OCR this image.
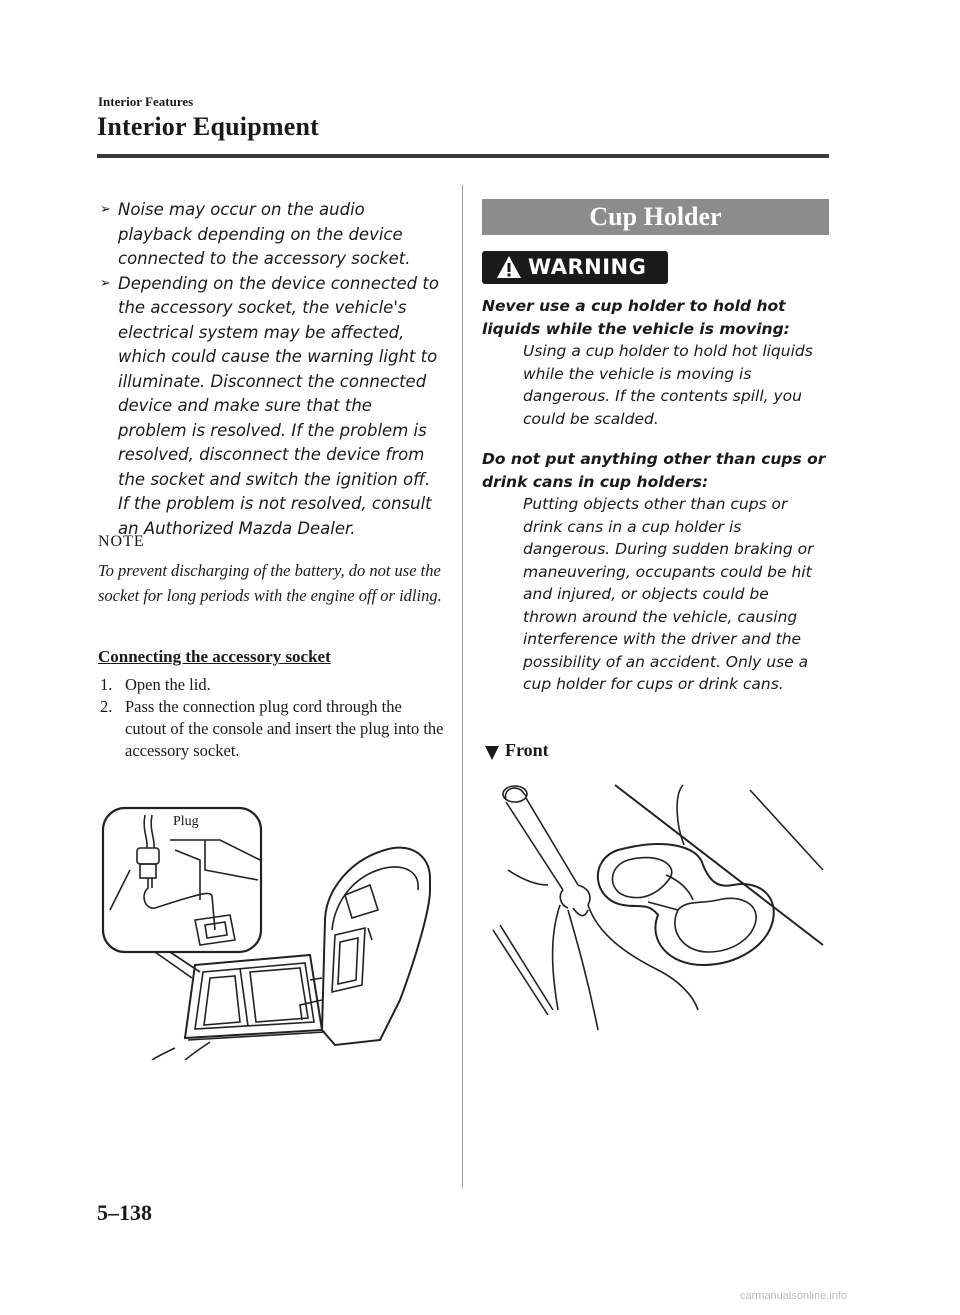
Interior Features
Interior Equipment
➢ Noise may occur on the audio playback depending on the device connected to the accessory socket.
➢ Depending on the device connected to the accessory socket, the vehicle's electrical system may be affected, which could cause the warning light to illuminate. Disconnect the connected device and make sure that the problem is resolved. If the problem is resolved, disconnect the device from the socket and switch the ignition off. If the problem is not resolved, consult an Authorized Mazda Dealer.
NOTE
To prevent discharging of the battery, do not use the socket for long periods with the engine off or idling.
Connecting the accessory socket
1. Open the lid.
2. Pass the connection plug cord through the cutout of the console and insert the plug into the accessory socket.
Plug
Cup Holder
WARNING
Never use a cup holder to hold hot liquids while the vehicle is moving:
Using a cup holder to hold hot liquids while the vehicle is moving is dangerous. If the contents spill, you could be scalded.
Do not put anything other than cups or drink cans in cup holders:
Putting objects other than cups or drink cans in a cup holder is dangerous. During sudden braking or maneuvering, occupants could be hit and injured, or objects could be thrown around the vehicle, causing interference with the driver and the possibility of an accident. Only use a cup holder for cups or drink cans.
Front
5–138
carmanualsonline.info
